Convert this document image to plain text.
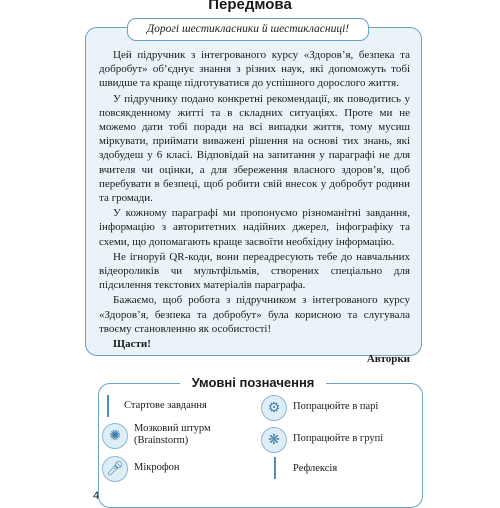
Передмова
Дорогі шестикласники й шестикласниці!

Цей підручник з інтегрованого курсу «Здоров’я, безпека та добробут» об’єднує знання з різних наук, які допоможуть тобі швидше та краще підготуватися до успішного дорослого життя.

У підручнику подано конкретні рекомендації, як поводитись у повсякденному житті та в складних ситуаціях. Проте ми не можемо дати тобі поради на всі випадки життя, тому мусиш міркувати, приймати виважені рішення на основі тих знань, які здобудеш у 6 класі. Відповідай на запитання у параграфі не для вчителя чи оцінки, а для збереження власного здоров’я, щоб перебувати в безпеці, щоб робити свій внесок у добробут родини та громади.

У кожному параграфі ми пропонуємо різноманітні завдання, інформацію з авторитетних надійних джерел, інфографіку та схеми, що допомагають краще засвоїти необхідну інформацію.

Не ігноруй QR-коди, вони переадресують тебе до навчальних відеороликів чи мультфільмів, створених спеціально для підсилення текстових матеріалів параграфа.

Бажаємо, щоб робота з підручником з інтегрованого курсу «Здоров’я, безпека та добробут» була корисною та слугувала твоєму становленню як особистості!

Щасти!

Авторки

Умовні позначення
Стартове завдання
✺	Мозковий штурм
(Brainstorm)
🎤︎ Мікрофон
⚙	Попрацюйте в парі
❋	Попрацюйте в групі
Рефлексія
4
